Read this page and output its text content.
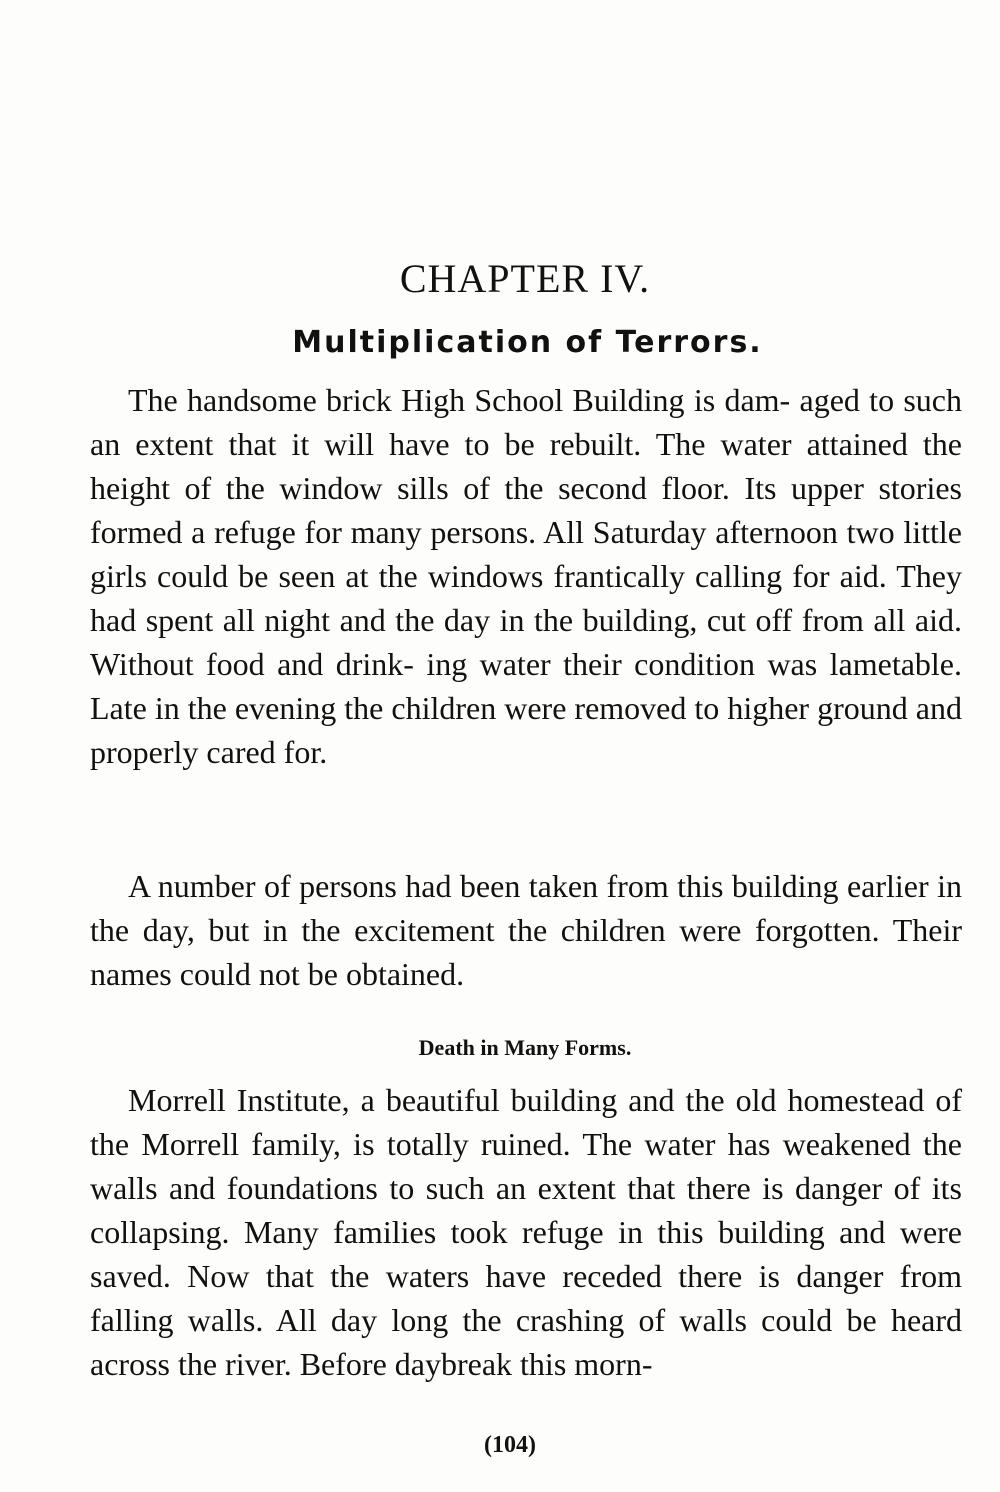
CHAPTER IV.
Multiplication of Terrors.

The handsome brick High School Building is dam- aged to such an extent that it will have to be rebuilt. The water attained the height of the window sills of the second floor. Its upper stories formed a refuge for many persons. All Saturday afternoon two little girls could be seen at the windows frantically calling for aid. They had spent all night and the day in the building, cut off from all aid. Without food and drink- ing water their condition was lametable. Late in the evening the children were removed to higher ground and properly cared for.

A number of persons had been taken from this building earlier in the day, but in the excitement the children were forgotten. Their names could not be obtained.

Death in Many Forms.

Morrell Institute, a beautiful building and the old homestead of the Morrell family, is totally ruined. The water has weakened the walls and foundations to such an extent that there is danger of its collapsing. Many families took refuge in this building and were saved. Now that the waters have receded there is danger from falling walls. All day long the crashing of walls could be heard across the river. Before daybreak this morn-

(104)
